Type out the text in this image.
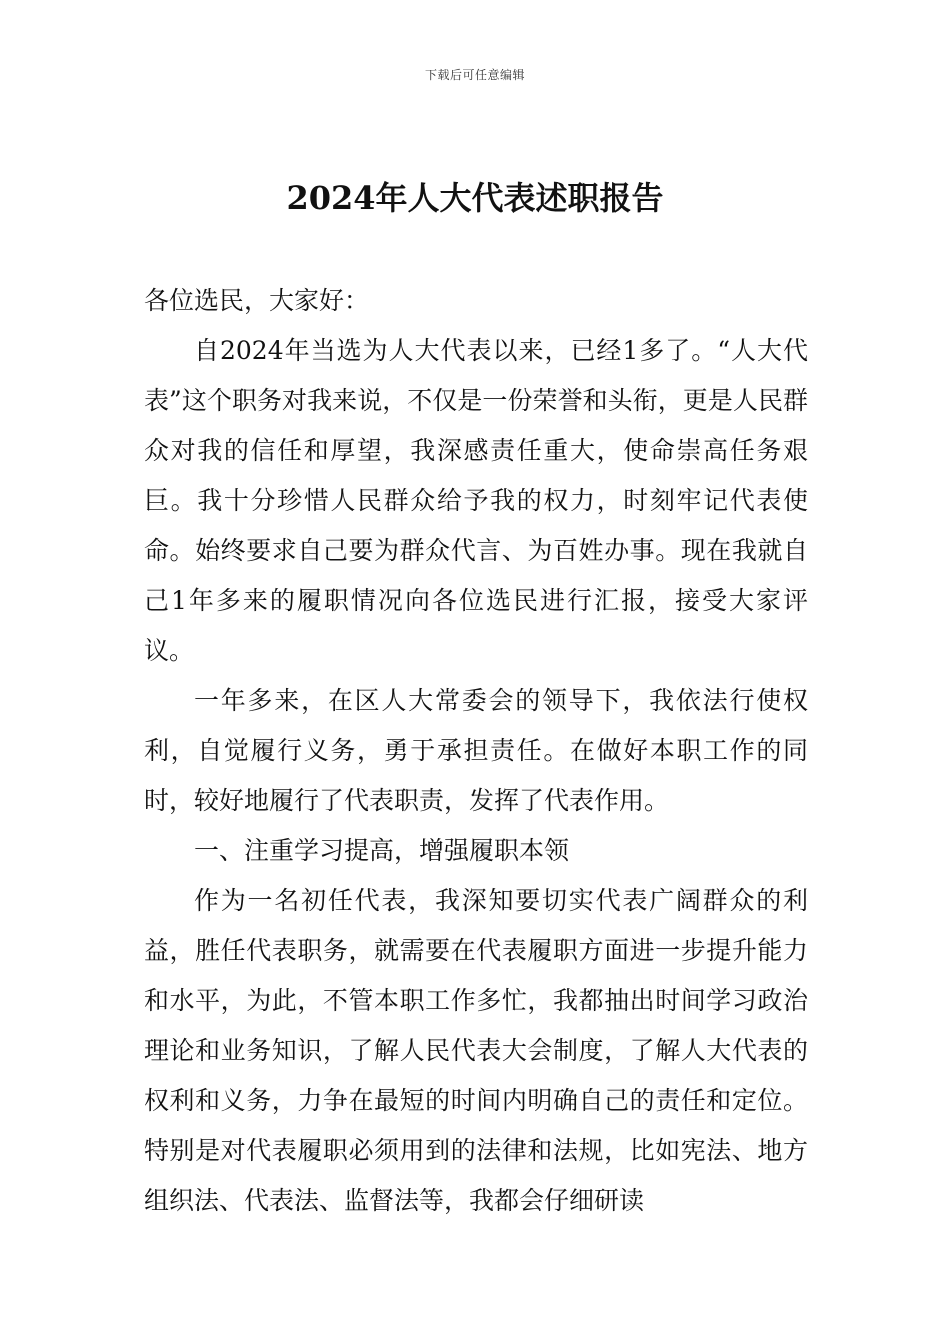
下载后可任意编辑
2024年人大代表述职报告

各位选民，大家好：

自2024年当选为人大代表以来，已经1多了。“人大代表”这个职务对我来说，不仅是一份荣誉和头衔，更是人民群众对我的信任和厚望，我深感责任重大，使命崇高任务艰巨。我十分珍惜人民群众给予我的权力，时刻牢记代表使命。始终要求自己要为群众代言、为百姓办事。现在我就自己1年多来的履职情况向各位选民进行汇报，接受大家评议。

一年多来，在区人大常委会的领导下，我依法行使权利，自觉履行义务，勇于承担责任。在做好本职工作的同时，较好地履行了代表职责，发挥了代表作用。

一、注重学习提高，增强履职本领

作为一名初任代表，我深知要切实代表广阔群众的利益，胜任代表职务，就需要在代表履职方面进一步提升能力和水平，为此，不管本职工作多忙，我都抽出时间学习政治理论和业务知识，了解人民代表大会制度，了解人大代表的权利和义务，力争在最短的时间内明确自己的责任和定位。特别是对代表履职必须用到的法律和法规，比如宪法、地方组织法、代表法、监督法等，我都会仔细研读
